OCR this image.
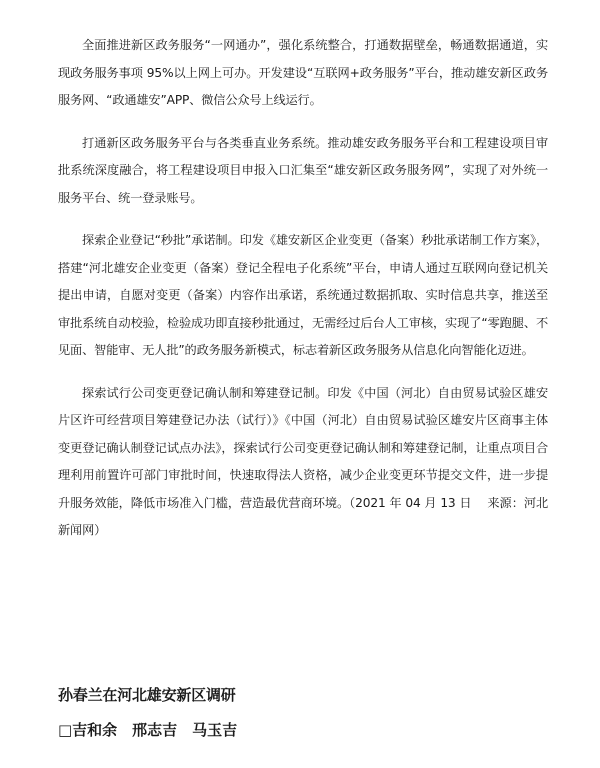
全面推进新区政务服务“一网通办”，强化系统整合，打通数据壁垒，畅通数据通道，实现政务服务事项 95%以上网上可办。开发建设“互联网+政务服务”平台，推动雄安新区政务服务网、“政通雄安”APP、微信公众号上线运行。

打通新区政务服务平台与各类垂直业务系统。推动雄安政务服务平台和工程建设项目审批系统深度融合，将工程建设项目申报入口汇集至“雄安新区政务服务网”，实现了对外统一服务平台、统一登录账号。

探索企业登记“秒批”承诺制。印发《雄安新区企业变更（备案）秒批承诺制工作方案》，搭建“河北雄安企业变更（备案）登记全程电子化系统”平台，申请人通过互联网向登记机关提出申请，自愿对变更（备案）内容作出承诺，系统通过数据抓取、实时信息共享，推送至审批系统自动校验，检验成功即直接秒批通过，无需经过后台人工审核，实现了“零跑腿、不见面、智能审、无人批”的政务服务新模式，标志着新区政务服务从信息化向智能化迈进。

探索试行公司变更登记确认制和筹建登记制。印发《中国（河北）自由贸易试验区雄安片区许可经营项目筹建登记办法（试行）》《中国（河北）自由贸易试验区雄安片区商事主体变更登记确认制登记试点办法》，探索试行公司变更登记确认制和筹建登记制，让重点项目合理利用前置许可部门审批时间，快速取得法人资格，减少企业变更环节提交文件，进一步提升服务效能，降低市场准入门槛，营造最优营商环境。（2021 年 04 月 13 日　 来源：河北新闻网）

孙春兰在河北雄安新区调研

□吉和余　邢志吉　马玉吉
